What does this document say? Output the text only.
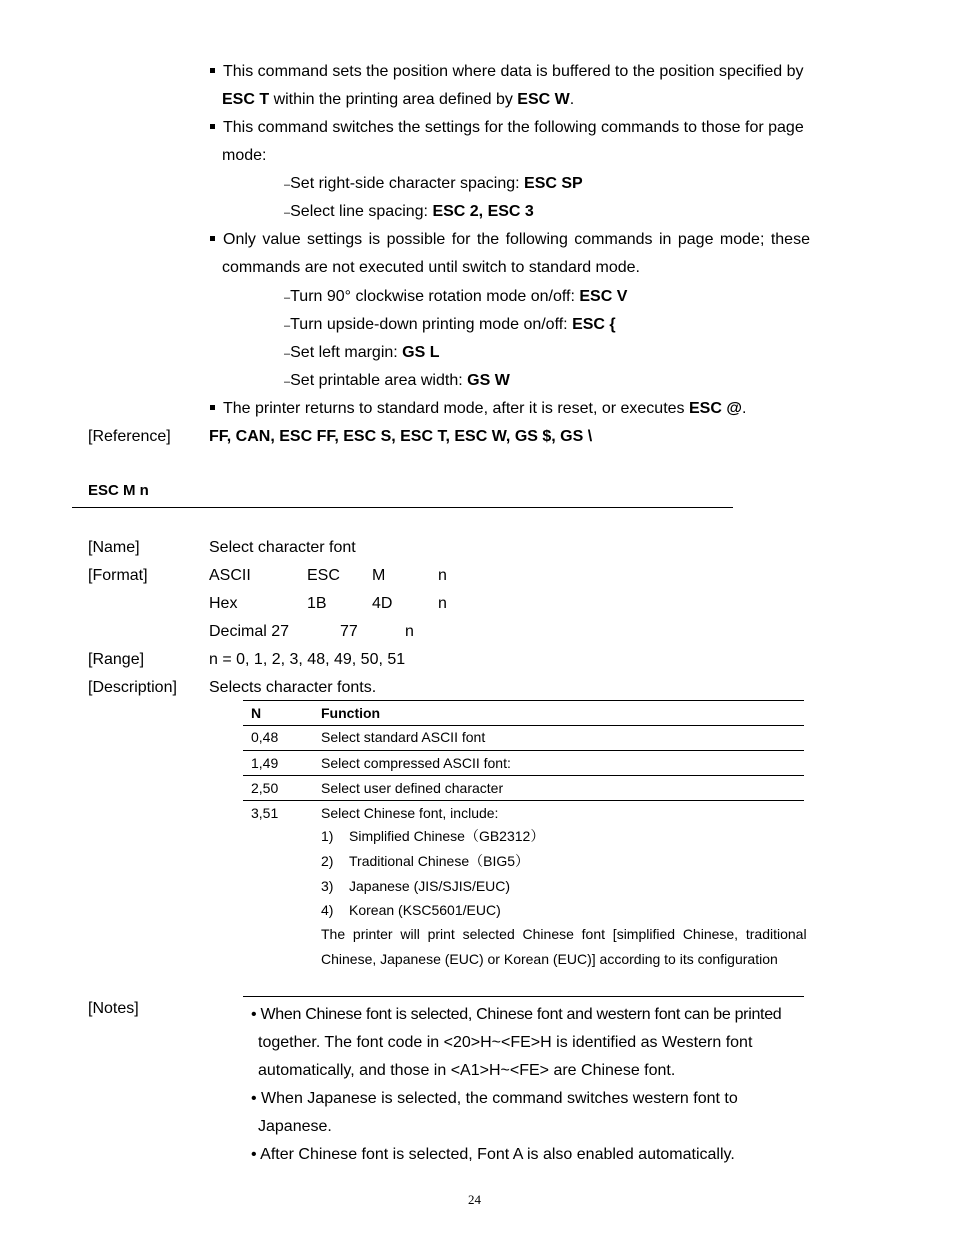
This command sets the position where data is buffered to the position specified by
ESC T within the printing area defined by ESC W.
This command switches the settings for the following commands to those for page
mode:
–Set right-side character spacing: ESC SP
–Select line spacing: ESC 2, ESC 3
Only value settings is possible for the following commands in page mode; these
commands are not executed until switch to standard mode.
–Turn 90° clockwise rotation mode on/off: ESC V
–Turn upside-down printing mode on/off: ESC {
–Set left margin: GS L
–Set printable area width: GS W
The printer returns to standard mode, after it is reset, or executes ESC @.
[Reference] FF, CAN, ESC FF, ESC S, ESC T, ESC W, GS $, GS \
ESC M n
[Name]	Select character font
[Format]	ASCII	ESC M	n
Hex	1B	4D	n
Decimal 27	77	n
[Range]	n = 0, 1, 2, 3, 48, 49, 50, 51
[Description] Selects character fonts.
N	Function
0,48	Select standard ASCII font
1,49	Select compressed ASCII font:
2,50	Select user defined character
3,51	Select Chinese font, include:
1) Simplified Chinese（GB2312）
2) Traditional Chinese（BIG5）
3) Japanese (JIS/SJIS/EUC)
4) Korean (KSC5601/EUC)
The  printer  will  print  selected  Chinese  font  [simplified  Chinese,  traditional
Chinese, Japanese (EUC) or Korean (EUC)] according to its configuration
[Notes]	• When Chinese font is selected, Chinese font and western font can be printed
together. The font code in <20>H~<FE>H is identified as Western font
automatically, and those in <A1>H~<FE> are Chinese font.
• When Japanese is selected, the command switches western font to
Japanese.
• After Chinese font is selected, Font A is also enabled automatically.
24
